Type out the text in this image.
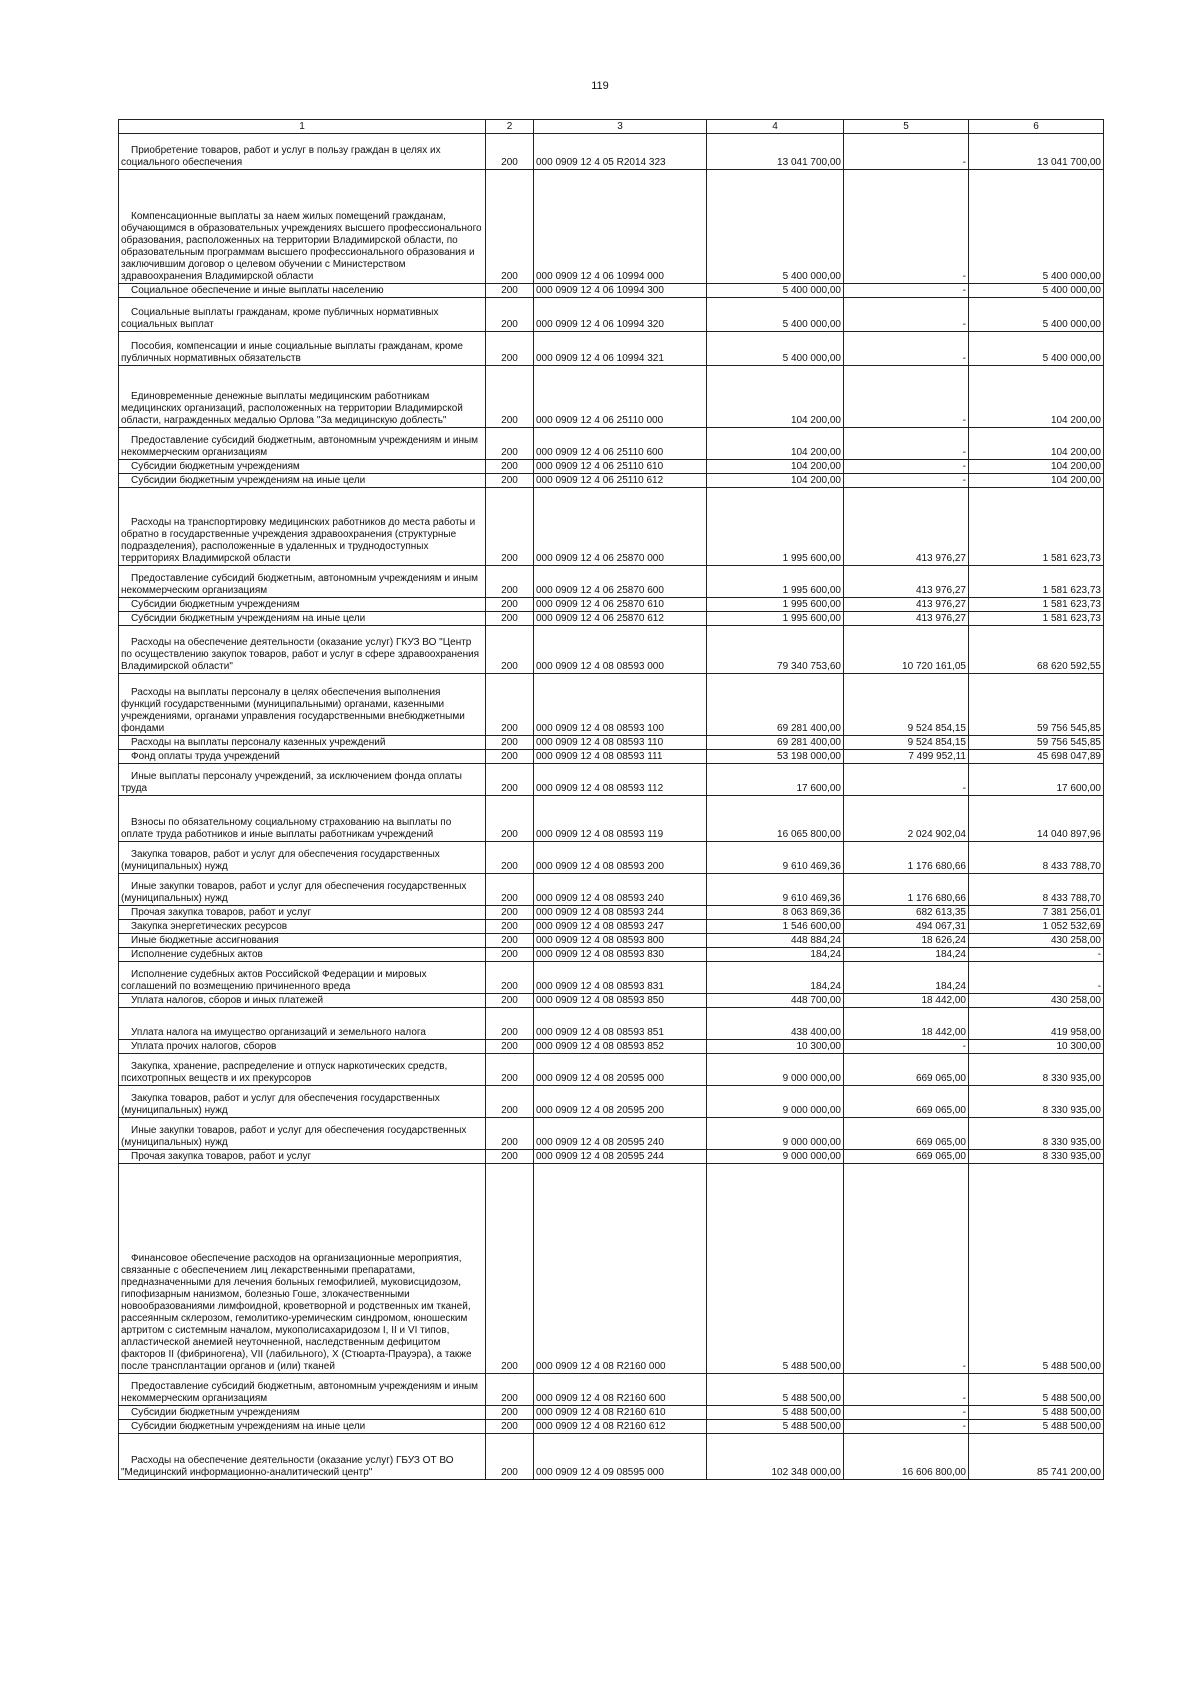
119
1	2	3	4	5	6
Приобретение товаров, работ и услуг в пользу граждан в целях их социального обеспечения	200	000 0909 12 4 05 R2014 323	13 041 700,00	-	13 041 700,00
Компенсационные выплаты за наем жилых помещений гражданам, обучающимся в образовательных учреждениях высшего профессионального образования, расположенных на территории Владимирской области, по образовательным программам высшего профессионального образования и заключившим договор о целевом обучении с Министерством здравоохранения Владимирской области	200	000 0909 12 4 06 10994 000	5 400 000,00	-	5 400 000,00
Социальное обеспечение и иные выплаты населению	200	000 0909 12 4 06 10994 300	5 400 000,00	-	5 400 000,00
Социальные выплаты гражданам, кроме публичных нормативных социальных выплат	200	000 0909 12 4 06 10994 320	5 400 000,00	-	5 400 000,00
Пособия, компенсации и иные социальные выплаты гражданам, кроме публичных нормативных обязательств	200	000 0909 12 4 06 10994 321	5 400 000,00	-	5 400 000,00
Единовременные денежные выплаты медицинским работникам медицинских организаций, расположенных на территории Владимирской области, награжденных медалью Орлова "За медицинскую доблесть"	200	000 0909 12 4 06 25110 000	104 200,00	-	104 200,00
Предоставление субсидий бюджетным, автономным учреждениям и иным некоммерческим организациям	200	000 0909 12 4 06 25110 600	104 200,00	-	104 200,00
Субсидии бюджетным учреждениям	200	000 0909 12 4 06 25110 610	104 200,00	-	104 200,00
Субсидии бюджетным учреждениям на иные цели	200	000 0909 12 4 06 25110 612	104 200,00	-	104 200,00
Расходы на транспортировку медицинских работников до места работы и обратно в государственные учреждения здравоохранения (структурные подразделения), расположенные в удаленных и труднодоступных территориях Владимирской области	200	000 0909 12 4 06 25870 000	1 995 600,00	413 976,27	1 581 623,73
Предоставление субсидий бюджетным, автономным учреждениям и иным некоммерческим организациям	200	000 0909 12 4 06 25870 600	1 995 600,00	413 976,27	1 581 623,73
Субсидии бюджетным учреждениям	200	000 0909 12 4 06 25870 610	1 995 600,00	413 976,27	1 581 623,73
Субсидии бюджетным учреждениям на иные цели	200	000 0909 12 4 06 25870 612	1 995 600,00	413 976,27	1 581 623,73
Расходы на обеспечение деятельности (оказание услуг) ГКУЗ ВО "Центр по осуществлению закупок товаров, работ и услуг в сфере здравоохранения Владимирской области"	200	000 0909 12 4 08 08593 000	79 340 753,60	10 720 161,05	68 620 592,55
Расходы на выплаты персоналу в целях обеспечения выполнения функций государственными (муниципальными) органами, казенными учреждениями, органами управления государственными внебюджетными фондами	200	000 0909 12 4 08 08593 100	69 281 400,00	9 524 854,15	59 756 545,85
Расходы на выплаты персоналу казенных учреждений	200	000 0909 12 4 08 08593 110	69 281 400,00	9 524 854,15	59 756 545,85
Фонд оплаты труда учреждений	200	000 0909 12 4 08 08593 111	53 198 000,00	7 499 952,11	45 698 047,89
Иные выплаты персоналу учреждений, за исключением фонда оплаты труда	200	000 0909 12 4 08 08593 112	17 600,00	-	17 600,00
Взносы по обязательному социальному страхованию на выплаты по оплате труда работников и иные выплаты работникам учреждений	200	000 0909 12 4 08 08593 119	16 065 800,00	2 024 902,04	14 040 897,96
Закупка товаров, работ и услуг для обеспечения государственных (муниципальных) нужд	200	000 0909 12 4 08 08593 200	9 610 469,36	1 176 680,66	8 433 788,70
Иные закупки товаров, работ и услуг для обеспечения государственных (муниципальных) нужд	200	000 0909 12 4 08 08593 240	9 610 469,36	1 176 680,66	8 433 788,70
Прочая закупка товаров, работ и услуг	200	000 0909 12 4 08 08593 244	8 063 869,36	682 613,35	7 381 256,01
Закупка энергетических ресурсов	200	000 0909 12 4 08 08593 247	1 546 600,00	494 067,31	1 052 532,69
Иные бюджетные ассигнования	200	000 0909 12 4 08 08593 800	448 884,24	18 626,24	430 258,00
Исполнение судебных актов	200	000 0909 12 4 08 08593 830	184,24	184,24	-
Исполнение судебных актов Российской Федерации и мировых соглашений по возмещению причиненного вреда	200	000 0909 12 4 08 08593 831	184,24	184,24	-
Уплата налогов, сборов и иных платежей	200	000 0909 12 4 08 08593 850	448 700,00	18 442,00	430 258,00
Уплата налога на имущество организаций и земельного налога	200	000 0909 12 4 08 08593 851	438 400,00	18 442,00	419 958,00
Уплата прочих налогов, сборов	200	000 0909 12 4 08 08593 852	10 300,00	-	10 300,00
Закупка, хранение, распределение и отпуск наркотических средств, психотропных веществ и их прекурсоров	200	000 0909 12 4 08 20595 000	9 000 000,00	669 065,00	8 330 935,00
Закупка товаров, работ и услуг для обеспечения государственных (муниципальных) нужд	200	000 0909 12 4 08 20595 200	9 000 000,00	669 065,00	8 330 935,00
Иные закупки товаров, работ и услуг для обеспечения государственных (муниципальных) нужд	200	000 0909 12 4 08 20595 240	9 000 000,00	669 065,00	8 330 935,00
Прочая закупка товаров, работ и услуг	200	000 0909 12 4 08 20595 244	9 000 000,00	669 065,00	8 330 935,00
Финансовое обеспечение расходов на организационные мероприятия, связанные с обеспечением лиц лекарственными препаратами, предназначенными для лечения больных гемофилией, муковисцидозом, гипофизарным нанизмом, болезнью Гоше, злокачественными новообразованиями лимфоидной, кроветворной и родственных им тканей, рассеянным склерозом, гемолитико-уремическим синдромом, юношеским артритом с системным началом, мукополисахаридозом I, II и VI типов, апластической анемией неуточненной, наследственным дефицитом факторов II (фибриногена), VII (лабильного), X (Стюарта-Прауэра), а также после трансплантации органов и (или) тканей	200	000 0909 12 4 08 R2160 000	5 488 500,00	-	5 488 500,00
Предоставление субсидий бюджетным, автономным учреждениям и иным некоммерческим организациям	200	000 0909 12 4 08 R2160 600	5 488 500,00	-	5 488 500,00
Субсидии бюджетным учреждениям	200	000 0909 12 4 08 R2160 610	5 488 500,00	-	5 488 500,00
Субсидии бюджетным учреждениям на иные цели	200	000 0909 12 4 08 R2160 612	5 488 500,00	-	5 488 500,00
Расходы на обеспечение деятельности (оказание услуг) ГБУЗ ОТ ВО "Медицинский информационно-аналитический центр"	200	000 0909 12 4 09 08595 000	102 348 000,00	16 606 800,00	85 741 200,00
